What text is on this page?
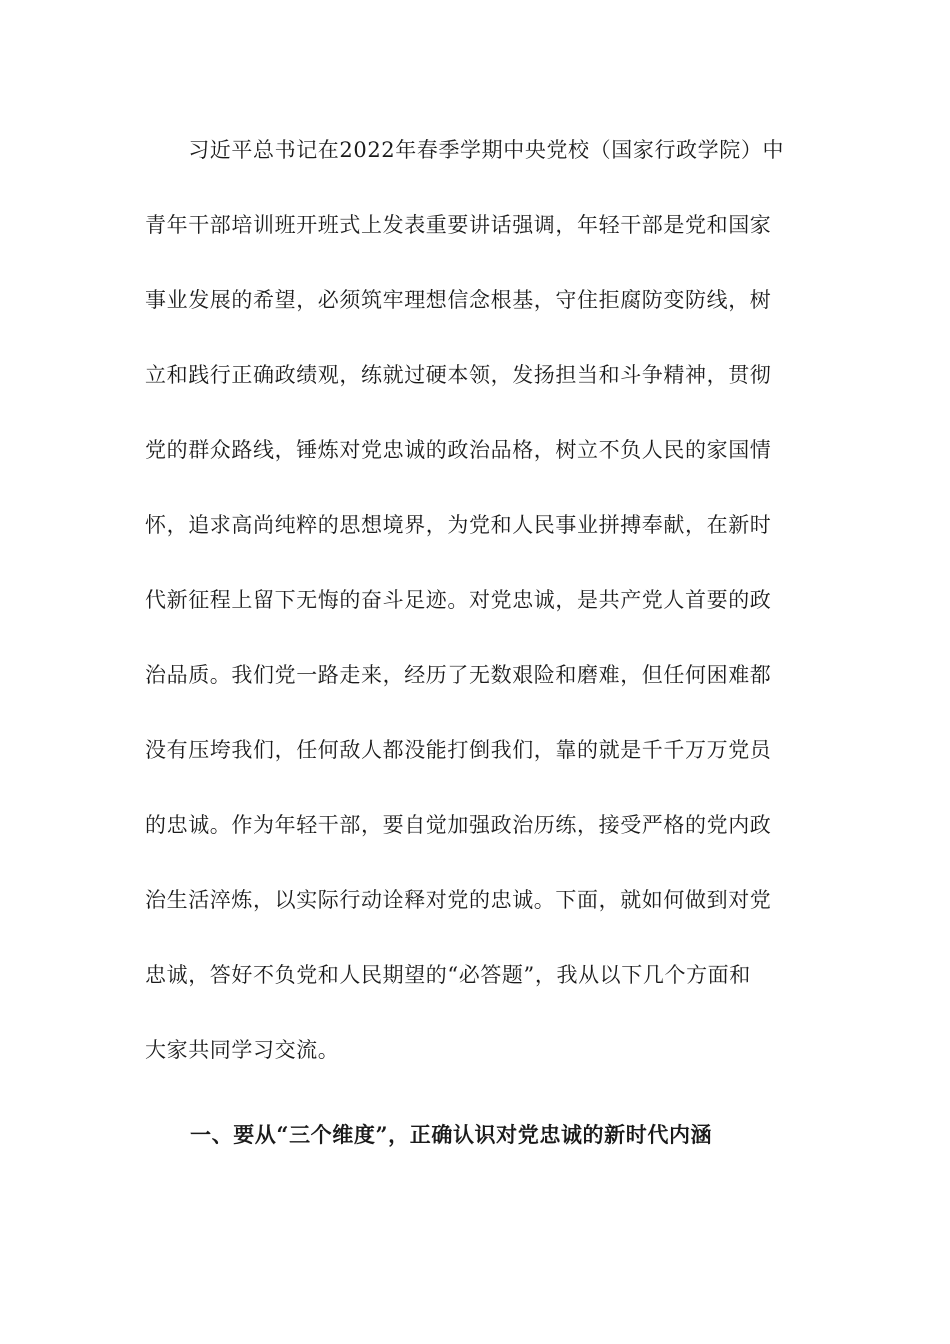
　　习近平总书记在2022年春季学期中央党校（国家行政学院）中
青年干部培训班开班式上发表重要讲话强调，年轻干部是党和国家
事业发展的希望，必须筑牢理想信念根基，守住拒腐防变防线，树
立和践行正确政绩观，练就过硬本领，发扬担当和斗争精神，贯彻
党的群众路线，锤炼对党忠诚的政治品格，树立不负人民的家国情
怀，追求高尚纯粹的思想境界，为党和人民事业拼搏奉献，在新时
代新征程上留下无悔的奋斗足迹。对党忠诚，是共产党人首要的政
治品质。我们党一路走来，经历了无数艰险和磨难，但任何困难都
没有压垮我们，任何敌人都没能打倒我们，靠的就是千千万万党员
的忠诚。作为年轻干部，要自觉加强政治历练，接受严格的党内政
治生活淬炼，以实际行动诠释对党的忠诚。下面，就如何做到对党
忠诚，答好不负党和人民期望的“必答题”，我从以下几个方面和
大家共同学习交流。
一、要从“三个维度”，正确认识对党忠诚的新时代内涵
